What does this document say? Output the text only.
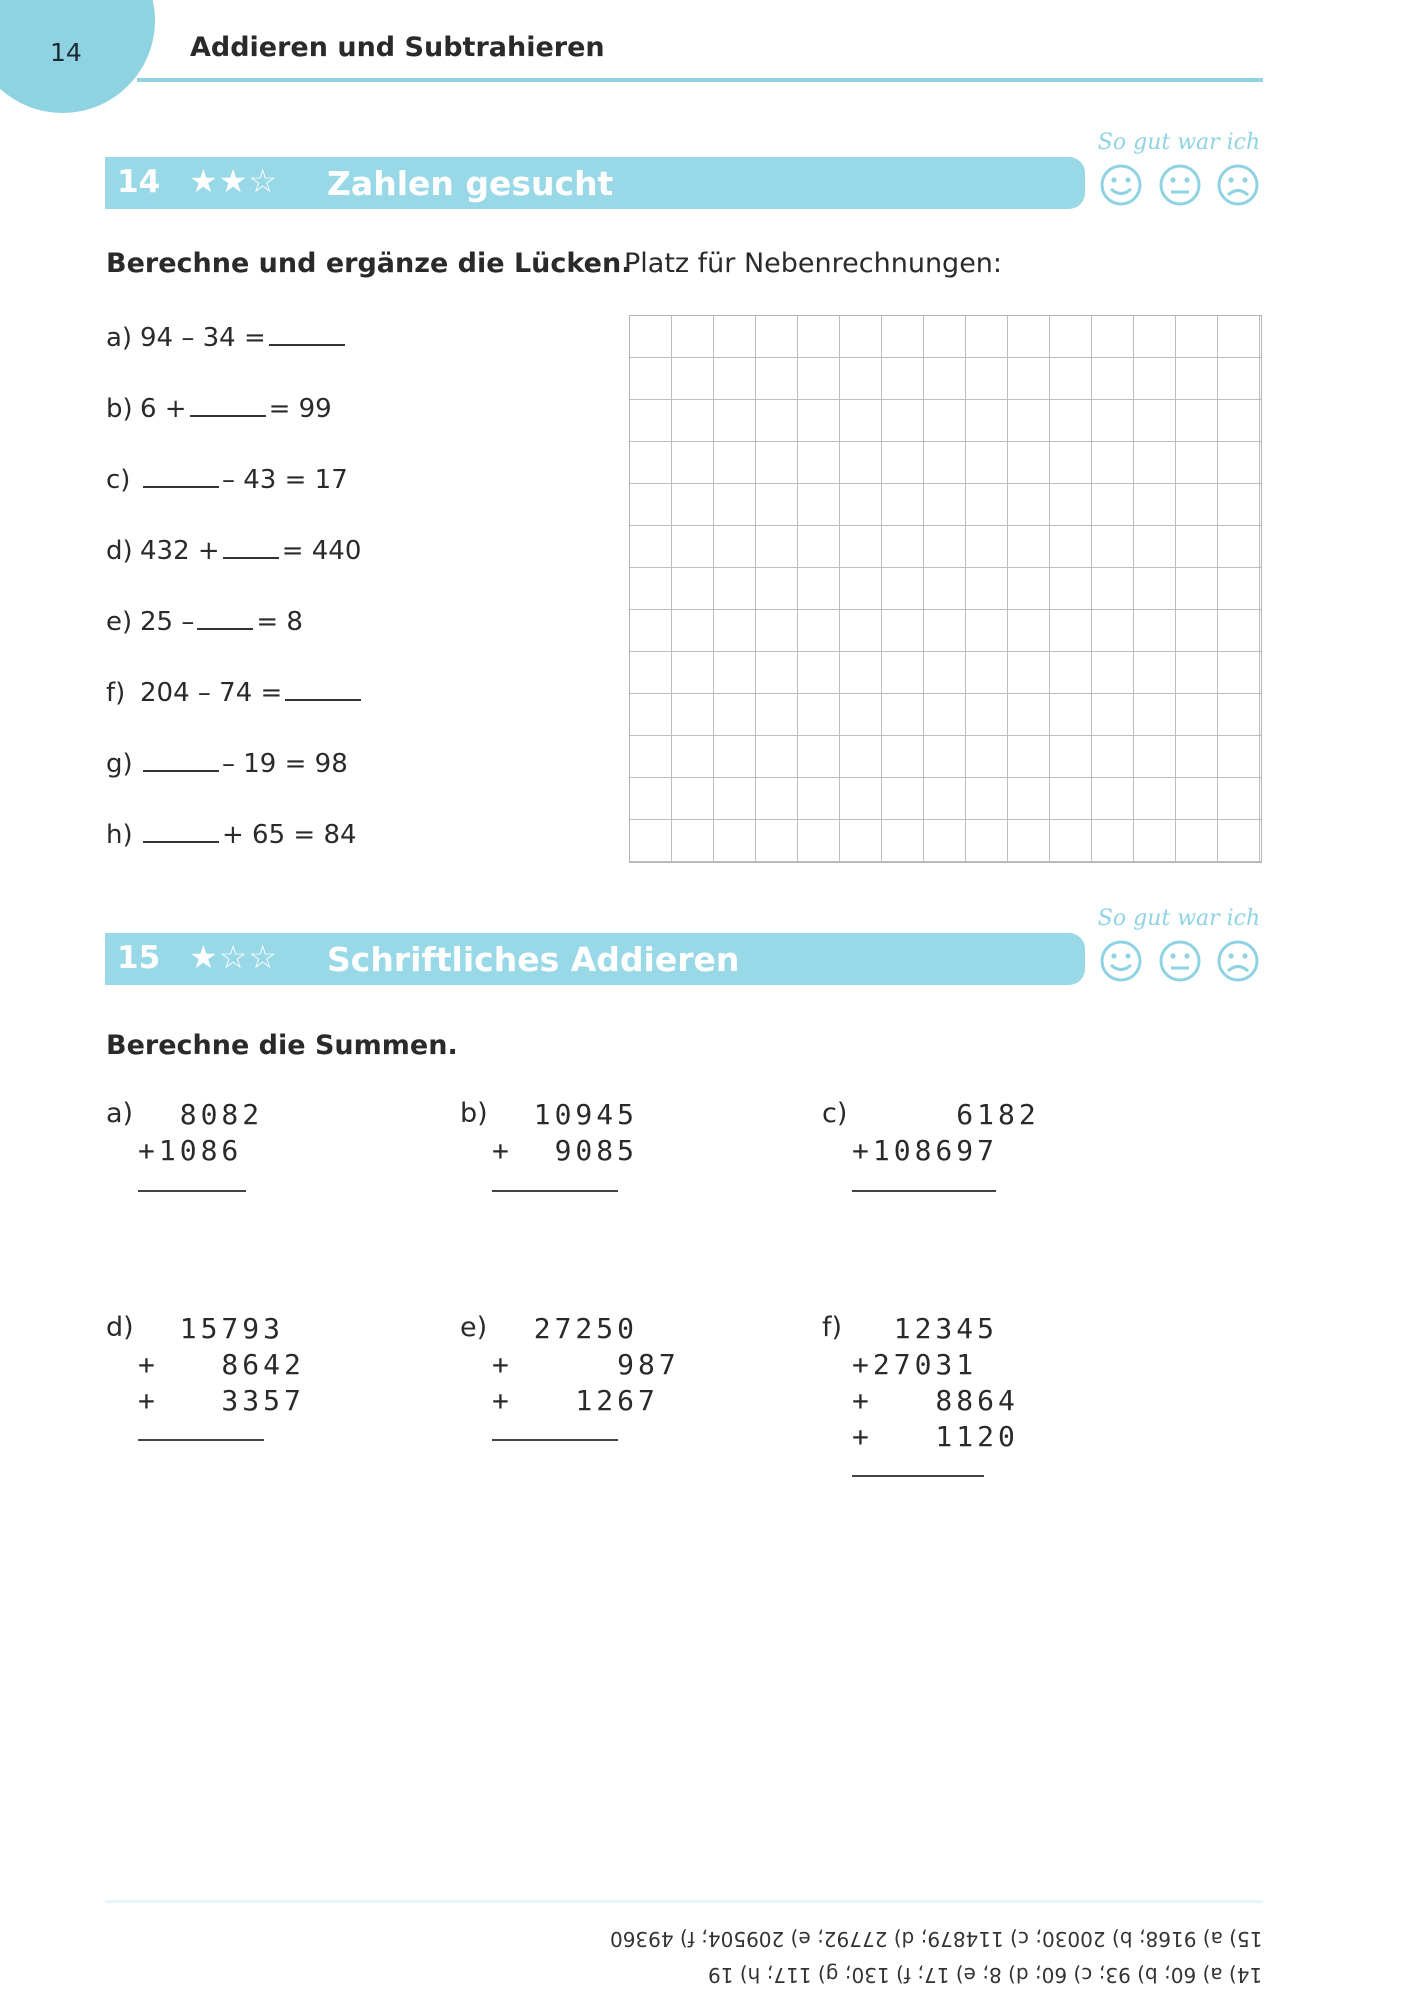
14	Addieren und Subtrahieren
14 ★★☆ Zahlen gesucht
So gut war ich
Berechne und ergänze die Lücken.
Platz für Nebenrechnungen:
a) 94 – 34 =
b) 6 +	= 99
c)	– 43 = 17
d) 432 + = 440
e) 25 – = 8
f) 204 – 74 =
g)	– 19 = 98
h)	+ 65 = 84
15 ★☆☆ Schriftliches Addieren
So gut war ich
Berechne die Summen.
a) 8082
+1086
b) 10945
+  9085
c) 6182
+108697
d) 15793
+   8642
+   3357
e) 27250
+     987
+   1267
f) 12345
+27031
+   8864
+   1120
15) a) 9168; b) 20030; c) 114879; d) 27792; e) 209504; f) 49360
14) a) 60; b) 93; c) 60; d) 8; e) 17; f) 130; g) 117; h) 19
